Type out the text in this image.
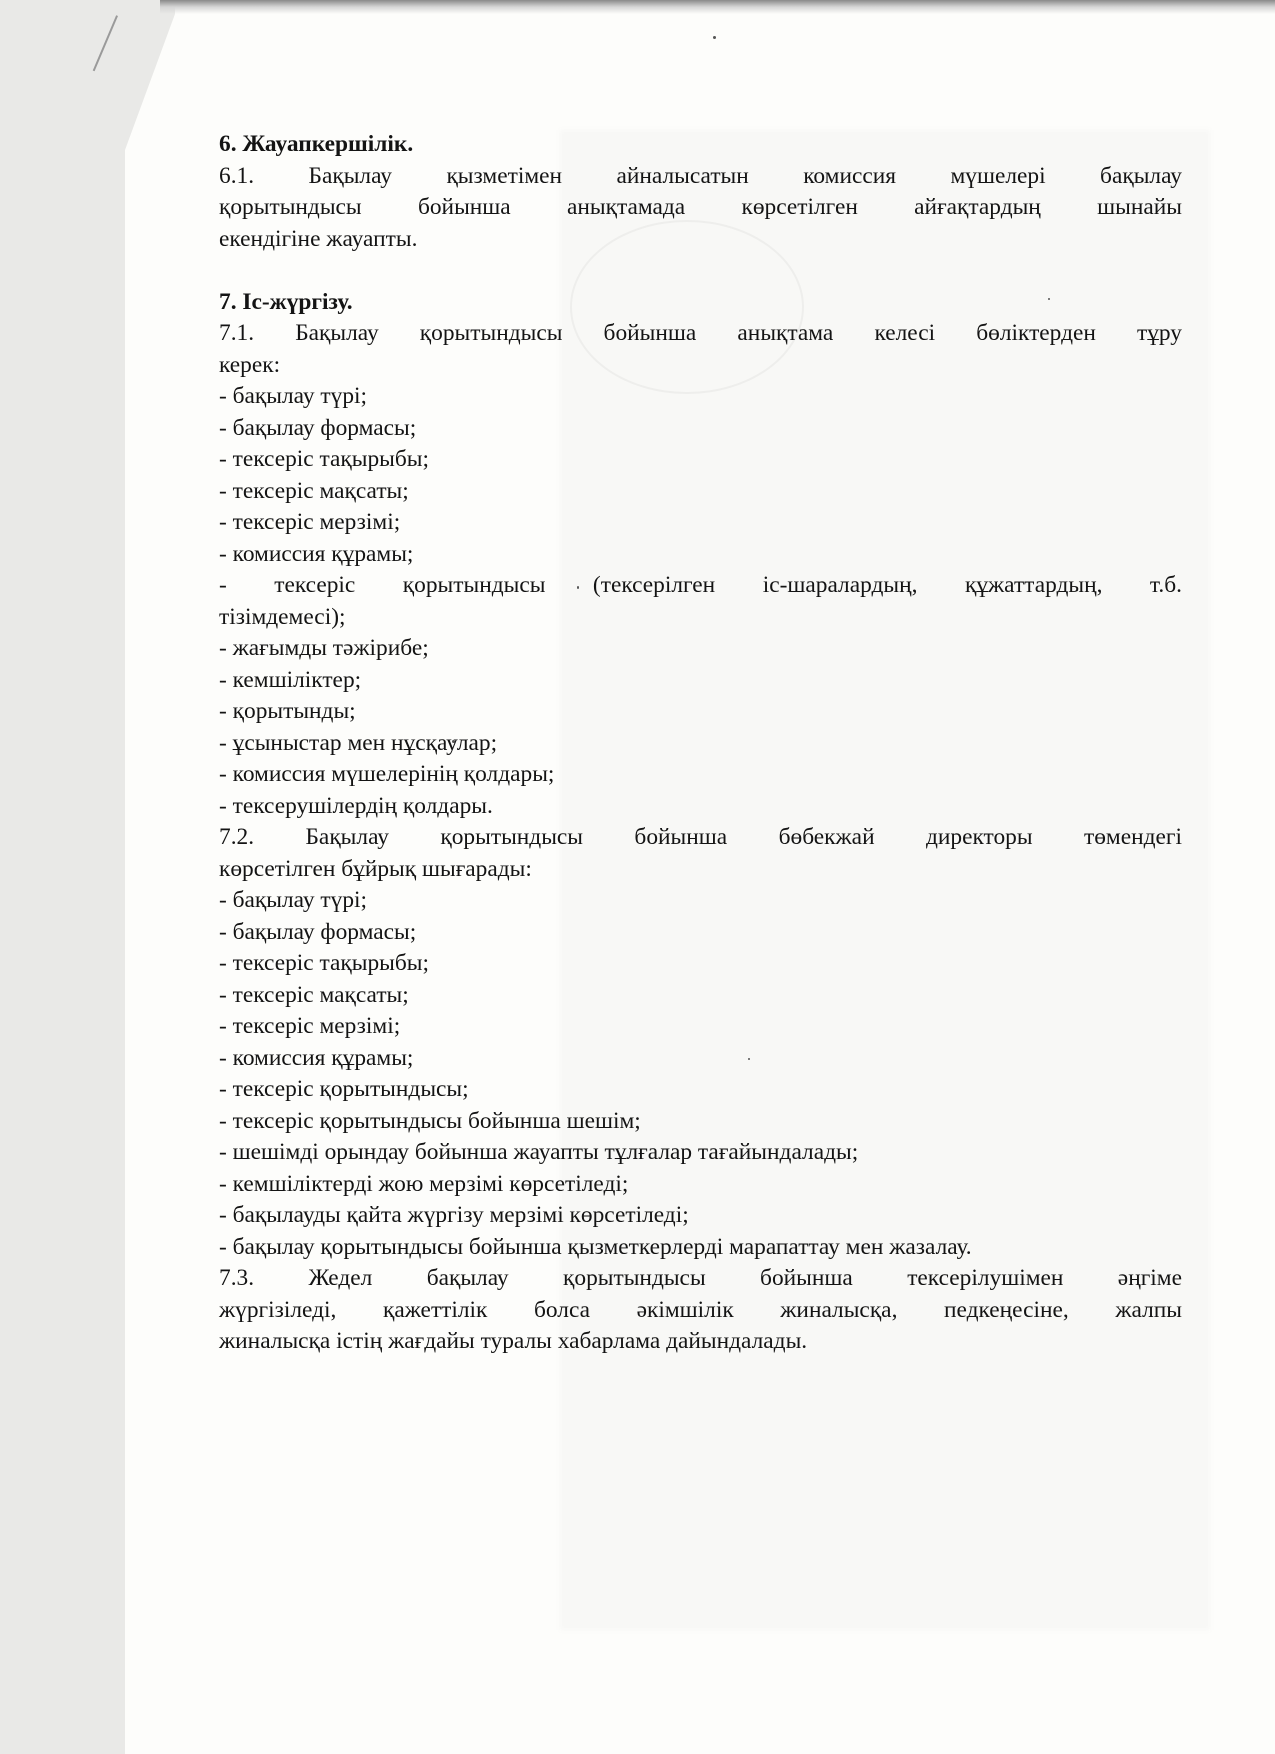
6. Жауапкершілік.

6.1. Бақылау қызметімен айналысатын комиссия мүшелері бақылау

қорытындысы бойынша анықтамада көрсетілген айғақтардың шынайы

екендігіне жауапты.

7. Іс-жүргізу.

7.1. Бақылау қорытындысы бойынша анықтама келесі бөліктерден тұру

керек:

- бақылау түрі;

- бақылау формасы;

- тексеріс тақырыбы;

- тексеріс мақсаты;

- тексеріс мерзімі;

- комиссия құрамы;

- тексеріс қорытындысы (тексерілген іс-шаралардың, құжаттардың, т.б.

тізімдемесі);

- жағымды тәжірибе;

- кемшіліктер;

- қорытынды;

- ұсыныстар мен нұсқаулар;

- комиссия мүшелерінің қолдары;

- тексерушілердің қолдары.

7.2. Бақылау қорытындысы бойынша бөбекжай директоры төмендегі

көрсетілген бұйрық шығарады:

- бақылау түрі;

- бақылау формасы;

- тексеріс тақырыбы;

- тексеріс мақсаты;

- тексеріс мерзімі;

- комиссия құрамы;

- тексеріс қорытындысы;

- тексеріс қорытындысы бойынша шешім;

- шешімді орындау бойынша жауапты тұлғалар тағайындалады;

- кемшіліктерді жою мерзімі көрсетіледі;

- бақылауды қайта жүргізу мерзімі көрсетіледі;

- бақылау қорытындысы бойынша қызметкерлерді марапаттау мен жазалау.

7.3. Жедел бақылау қорытындысы бойынша тексерілушімен әңгіме

жүргізіледі, қажеттілік болса әкімшілік жиналысқа, педкеңесіне, жалпы

жиналысқа істің жағдайы туралы хабарлама дайындалады.
